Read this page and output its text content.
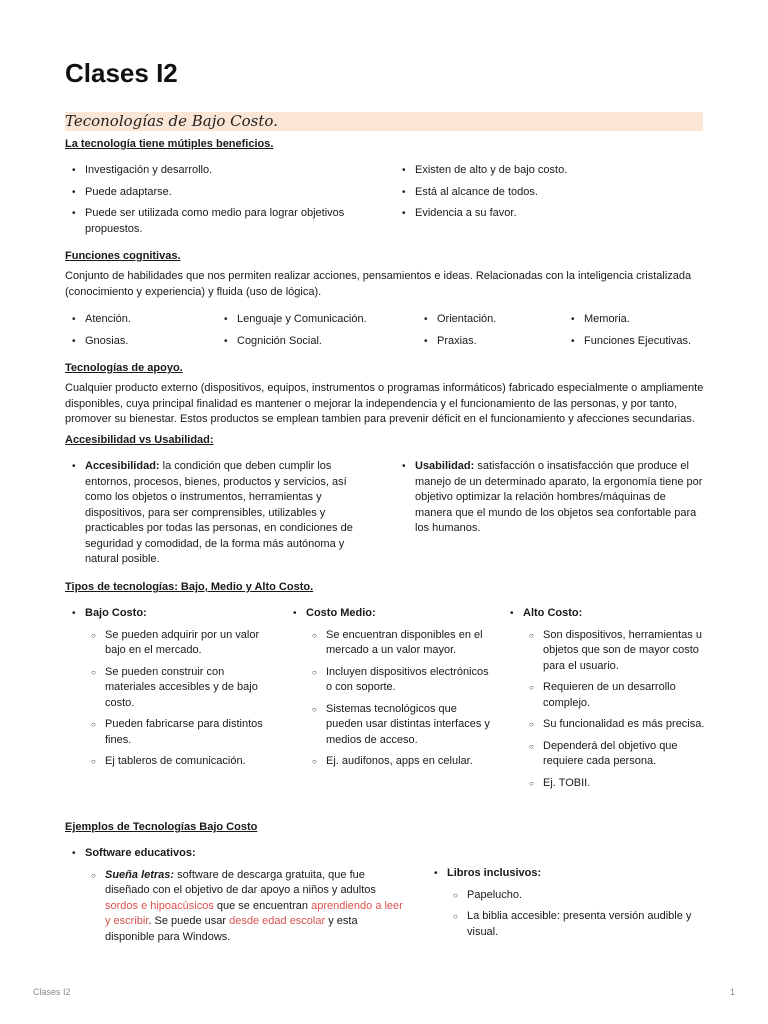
Clases I2
Teconologías de Bajo Costo.

La tecnología tiene mútiples beneficios.

• Investigación y desarrollo.
• Puede adaptarse.
• Puede ser utilizada como medio para lograr objetivos propuestos.
• Existen de alto y de bajo costo.
• Está al alcance de todos.
• Evidencia a su favor.

Funciones cognitivas.

Conjunto de habilidades que nos permiten realizar acciones, pensamientos e ideas. Relacionadas con la inteligencia cristalizada (conocimiento y experiencia) y fluida (uso de lógica).

• Atención.
• Gnosias.
• Lenguaje y Comunicación.
• Cognición Social.
• Orientación.
• Praxias.
• Memoria.
• Funciones Ejecutivas.

Tecnologías de apoyo.

Cualquier producto externo (dispositivos, equipos, instrumentos o programas informáticos) fabricado especialmente o ampliamente disponibles, cuya principal finalidad es mantener o mejorar la independencia y el funcionamiento de las personas, y por tanto, promover su bienestar. Estos productos se emplean tambien para prevenir déficit en el funcionamiento y afecciones secundarias.

Accesibilidad vs Usabilidad:

• Accesibilidad: la condición que deben cumplir los entornos, procesos, bienes, productos y servicios, así como los objetos o instrumentos, herramientas y dispositivos, para ser comprensibles, utilizables y practicables por todas las personas, en condiciones de seguridad y comodidad, de la forma más autónoma y natural posible.
• Usabilidad: satisfacción o insatisfacción que produce el manejo de un determinado aparato, la ergonomía tiene por objetivo optimizar la relación hombres/máquinas de manera que el mundo de los objetos sea confortable para los humanos.

Tipos de tecnologías: Bajo, Medio y Alto Costo.

• Bajo Costo:
○ Se pueden adquirir por un valor bajo en el mercado.
○ Se pueden construir con materiales accesibles y de bajo costo.
○ Pueden fabricarse para distintos fines.
○ Ej tableros de comunicación.
• Costo Medio:
○ Se encuentran disponibles en el mercado a un valor mayor.
○ Incluyen dispositivos electrónicos o con soporte.
○ Sistemas tecnológicos que pueden usar distintas interfaces y medios de acceso.
○ Ej. audifonos, apps en celular.
• Alto Costo:
○ Son dispositivos, herramientas u objetos que son de mayor costo para el usuario.
○ Requieren de un desarrollo complejo.
○ Su funcionalidad es más precisa.
○ Dependerá del objetivo que requiere cada persona.
○ Ej. TOBII.

Ejemplos de Tecnologías Bajo Costo

• Software educativos:
○ Sueña letras: software de descarga gratuita, que fue diseñado con el objetivo de dar apoyo a niños y adultos sordos e hipoacúsicos que se encuentran aprendiendo a leer y escribir. Se puede usar desde edad escolar y esta disponible para Windows.
• Libros inclusivos:
○ Papelucho.
○ La biblia accesible: presenta versión audible y visual.
Clases I2	1
